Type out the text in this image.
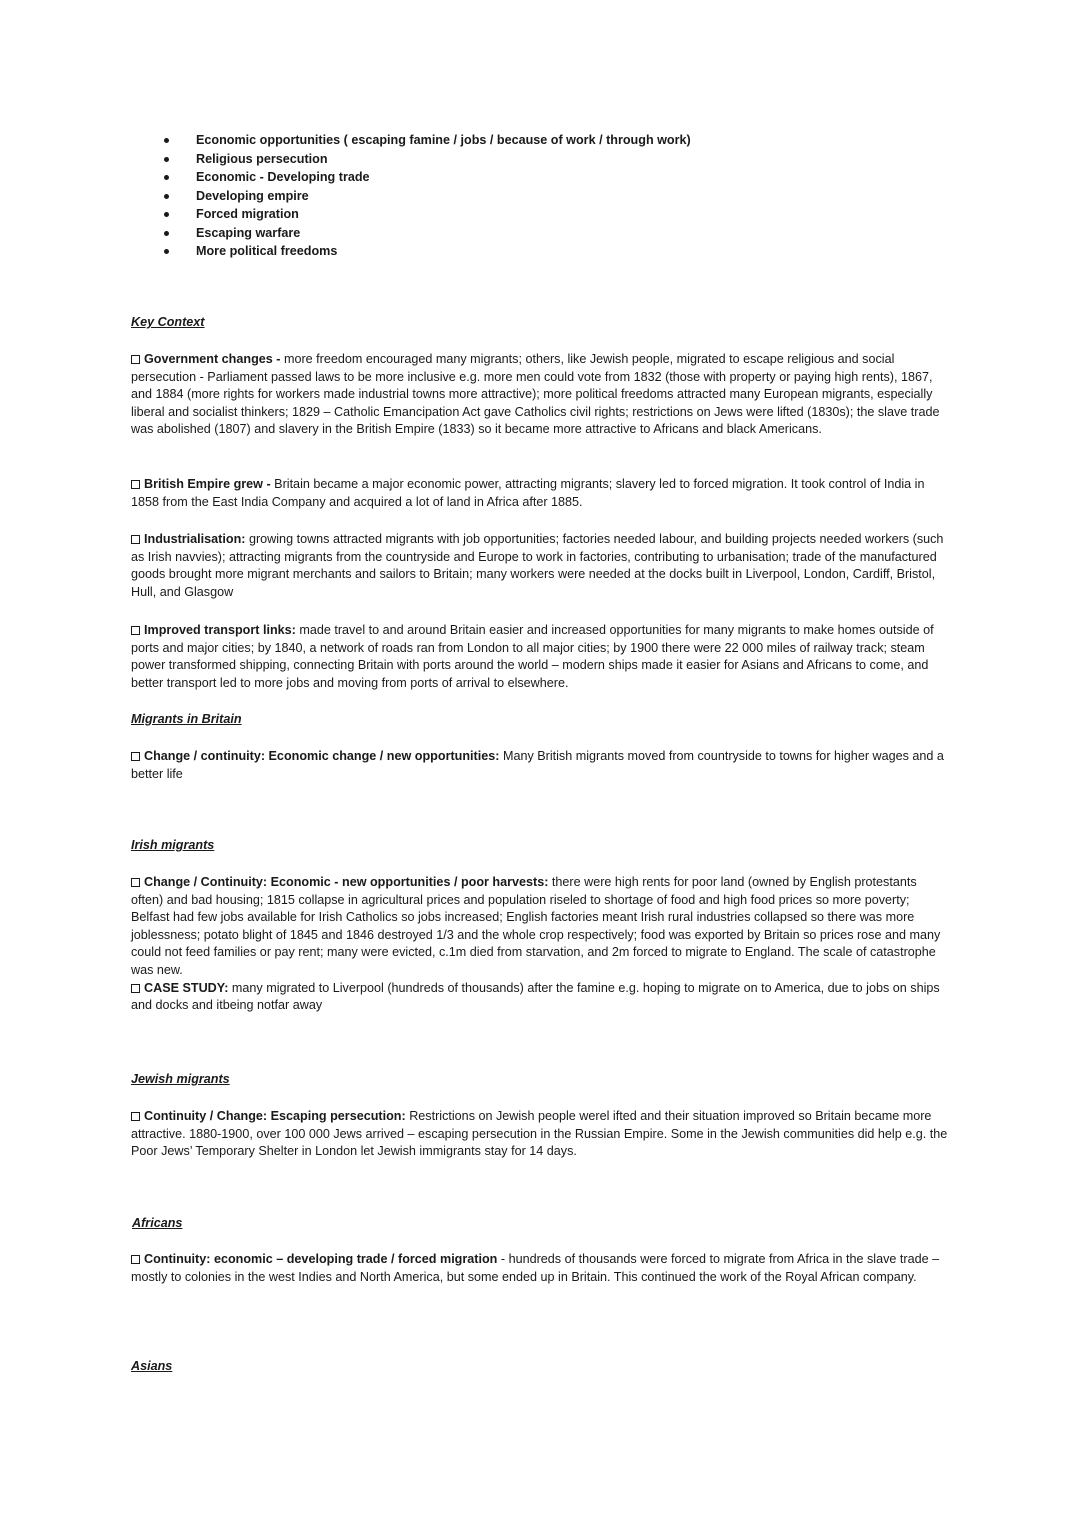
Economic opportunities ( escaping famine / jobs / because of work / through work)
Religious persecution
Economic - Developing trade
Developing empire
Forced migration
Escaping warfare
More political freedoms
Key Context

Government changes - more freedom encouraged many migrants; others, like Jewish people, migrated to escape religious and social persecution - Parliament passed laws to be more inclusive e.g. more men could vote from 1832 (those with property or paying high rents), 1867, and 1884 (more rights for workers made industrial towns more attractive); more political freedoms attracted many European migrants, especially liberal and socialist thinkers; 1829 – Catholic Emancipation Act gave Catholics civil rights; restrictions on Jews were lifted (1830s); the slave trade was abolished (1807) and slavery in the British Empire (1833) so it became more attractive to Africans and black Americans.

British Empire grew - Britain became a major economic power, attracting migrants; slavery led to forced migration. It took control of India in 1858 from the East India Company and acquired a lot of land in Africa after 1885.

Industrialisation: growing towns attracted migrants with job opportunities; factories needed labour, and building projects needed workers (such as Irish navvies); attracting migrants from the countryside and Europe to work in factories, contributing to urbanisation; trade of the manufactured goods brought more migrant merchants and sailors to Britain; many workers were needed at the docks built in Liverpool, London, Cardiff, Bristol, Hull, and Glasgow

Improved transport links: made travel to and around Britain easier and increased opportunities for many migrants to make homes outside of ports and major cities; by 1840, a network of roads ran from London to all major cities; by 1900 there were 22 000 miles of railway track; steam power transformed shipping, connecting Britain with ports around the world – modern ships made it easier for Asians and Africans to come, and better transport led to more jobs and moving from ports of arrival to elsewhere.

Migrants in Britain

Change / continuity: Economic change / new opportunities: Many British migrants moved from countryside to towns for higher wages and a better life

Irish migrants

Change / Continuity: Economic - new opportunities / poor harvests: there were high rents for poor land (owned by English protestants often) and bad housing; 1815 collapse in agricultural prices and population riseled to shortage of food and high food prices so more poverty; Belfast had few jobs available for Irish Catholics so jobs increased; English factories meant Irish rural industries collapsed so there was more joblessness; potato blight of 1845 and 1846 destroyed 1/3 and the whole crop respectively; food was exported by Britain so prices rose and many could not feed families or pay rent; many were evicted, c.1m died from starvation, and 2m forced to migrate to England. The scale of catastrophe was new.
CASE STUDY: many migrated to Liverpool (hundreds of thousands) after the famine e.g. hoping to migrate on to America, due to jobs on ships and docks and itbeing notfar away

Jewish migrants

Continuity / Change: Escaping persecution: Restrictions on Jewish people werel ifted and their situation improved so Britain became more attractive. 1880-1900, over 100 000 Jews arrived – escaping persecution in the Russian Empire. Some in the Jewish communities did help e.g. the Poor Jews’ Temporary Shelter in London let Jewish immigrants stay for 14 days.

Africans

Continuity: economic – developing trade / forced migration - hundreds of thousands were forced to migrate from Africa in the slave trade – mostly to colonies in the west Indies and North America, but some ended up in Britain. This continued the work of the Royal African company.

Asians
